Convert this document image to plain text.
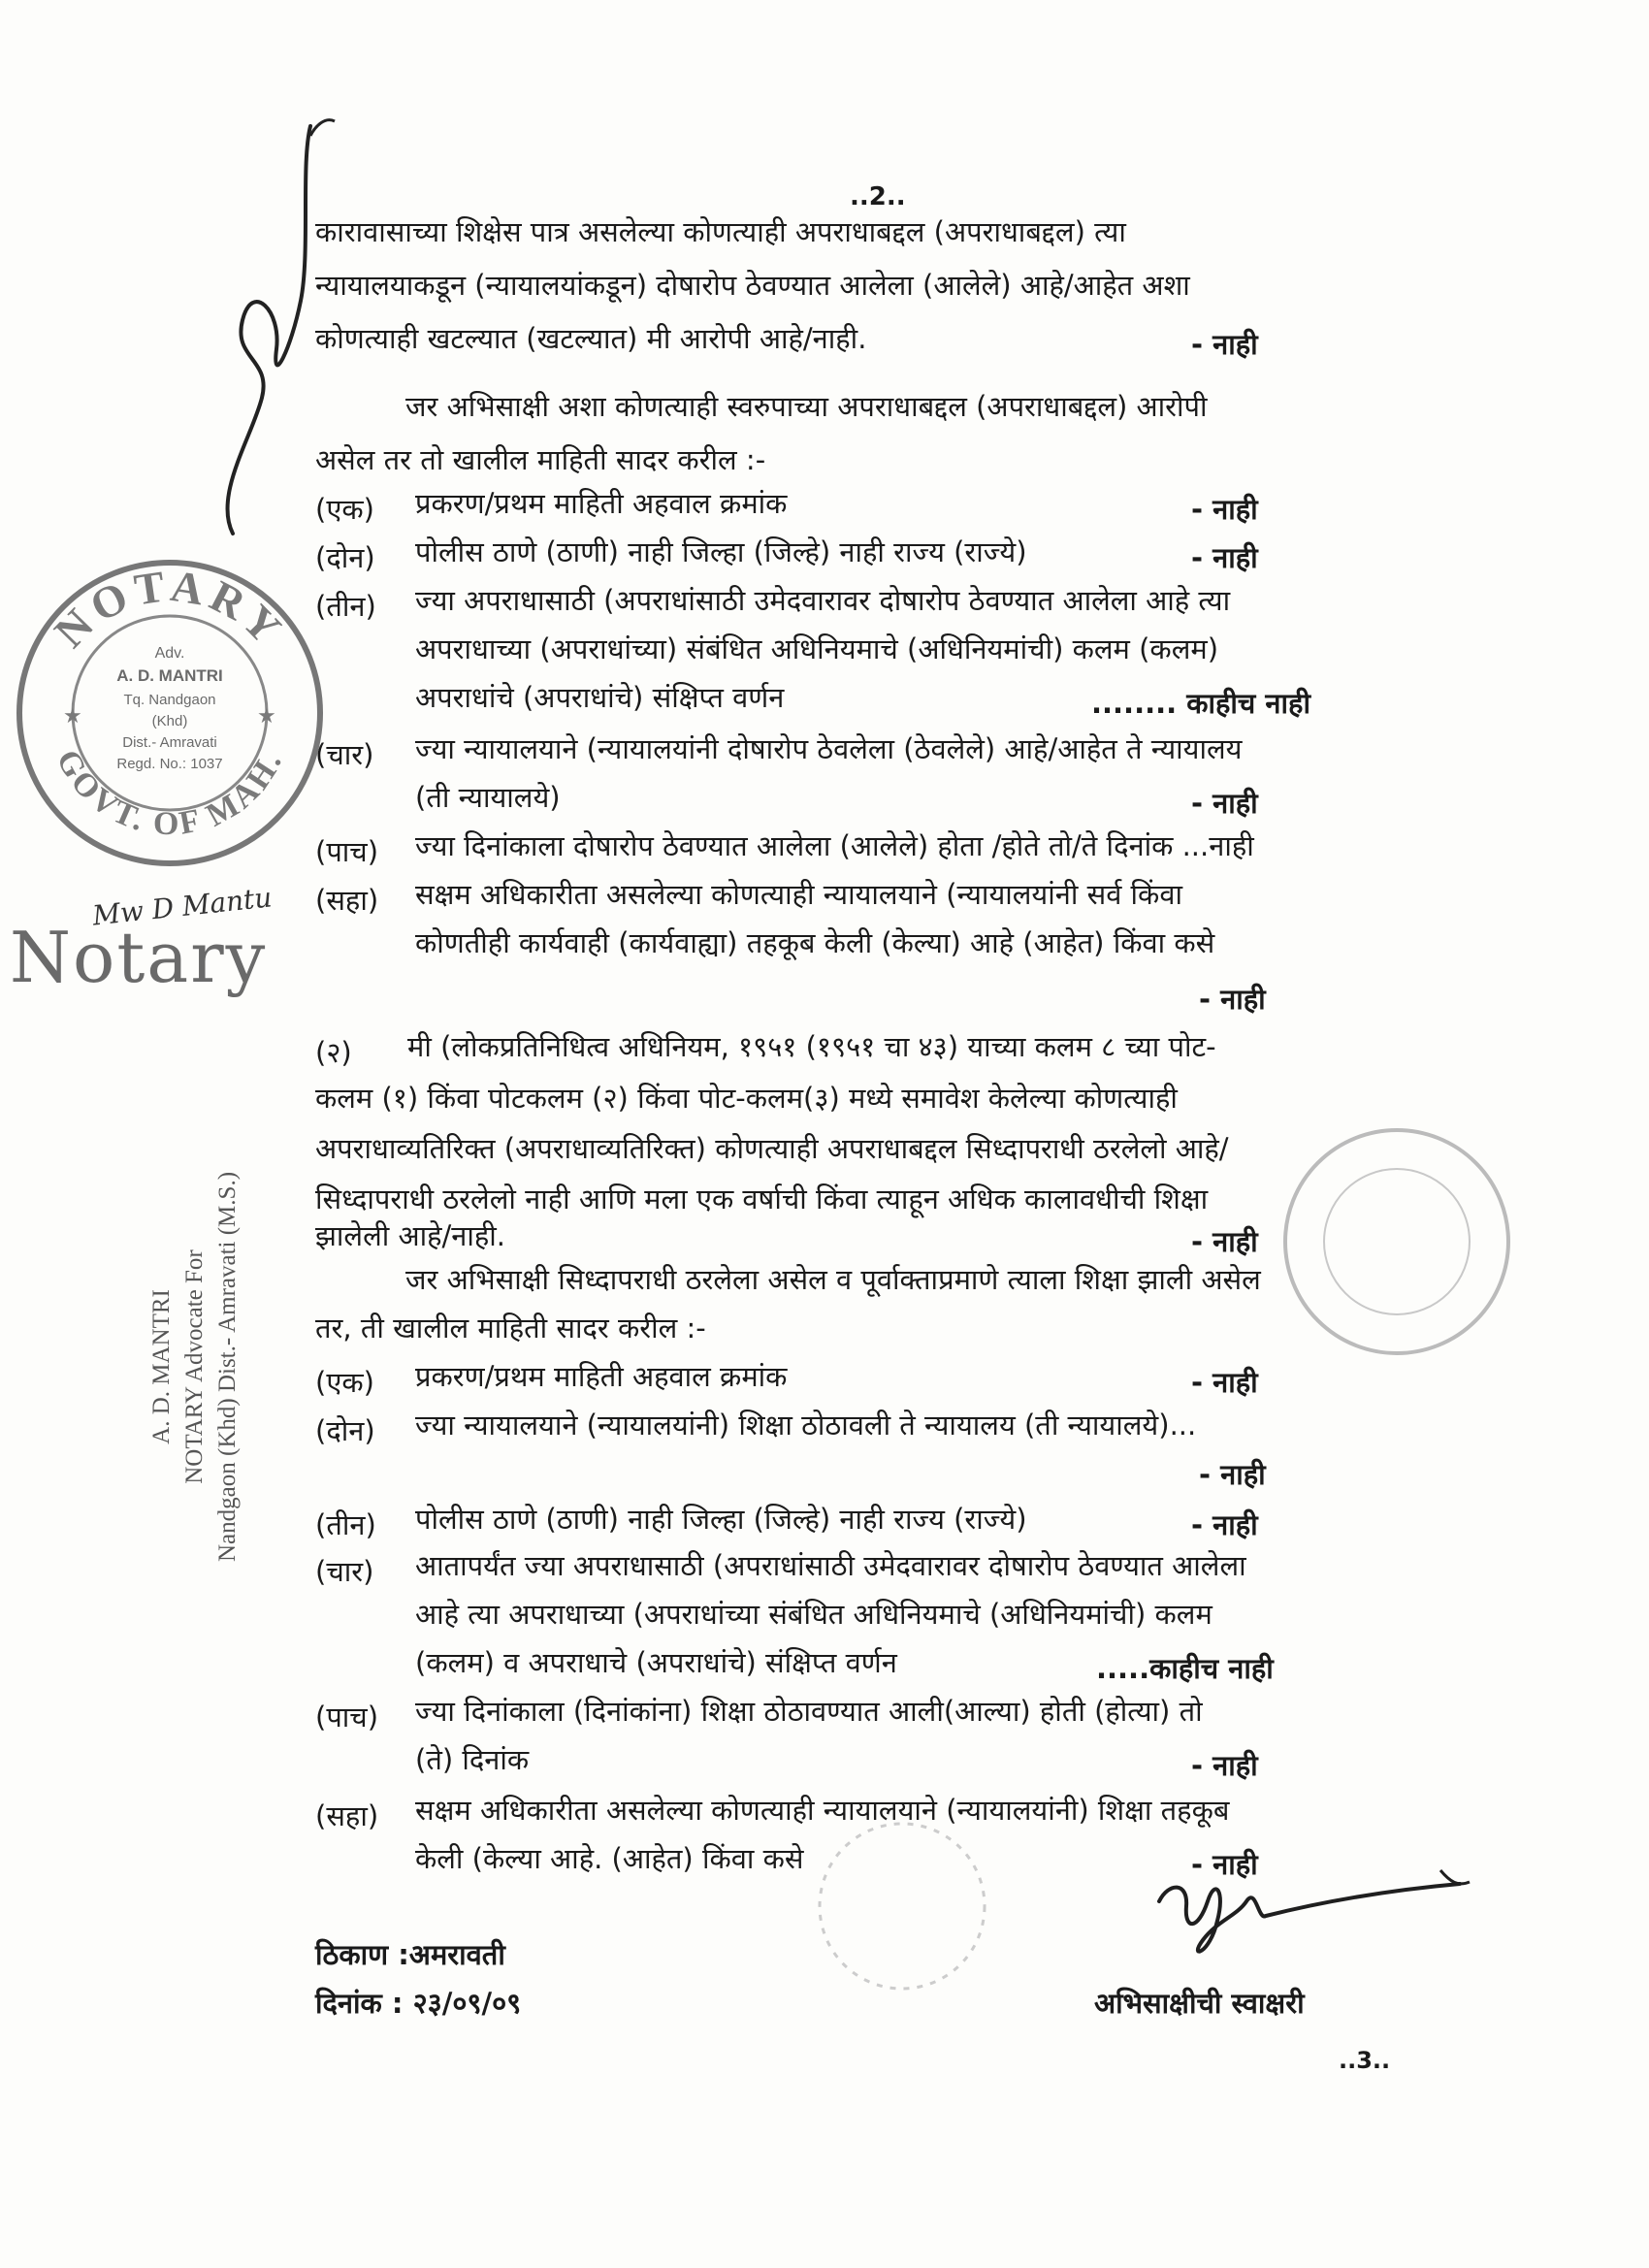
..2..
कारावासाच्या शिक्षेस पात्र असलेल्या कोणत्याही अपराधाबद्दल (अपराधाबद्दल) त्या
न्यायालयाकडून (न्यायालयांकडून) दोषारोप ठेवण्यात आलेला (आलेले) आहे/आहेत अशा
कोणत्याही खटल्यात (खटल्यात) मी आरोपी आहे/नाही.	- नाही
जर अभिसाक्षी अशा कोणत्याही स्वरुपाच्या अपराधाबद्दल (अपराधाबद्दल) आरोपी
असेल तर तो खालील माहिती सादर करील :-
(एक) प्रकरण/प्रथम माहिती अहवाल क्रमांक	- नाही
(दोन) पोलीस ठाणे (ठाणी) नाही जिल्हा (जिल्हे) नाही राज्य (राज्ये)	- नाही
(तीन) ज्या अपराधासाठी (अपराधांसाठी उमेदवारावर दोषारोप ठेवण्यात आलेला आहे त्या
अपराधाच्या (अपराधांच्या) संबंधित अधिनियमाचे (अधिनियमांची) कलम (कलम)
अपराधांचे (अपराधांचे) संक्षिप्त वर्णन	........ काहीच नाही
(चार) ज्या न्यायालयाने (न्यायालयांनी दोषारोप ठेवलेला (ठेवलेले) आहे/आहेत ते न्यायालय
(ती न्यायालये)	- नाही
(पाच) ज्या दिनांकाला दोषारोप ठेवण्यात आलेला (आलेले) होता /होते तो/ते दिनांक ...नाही
(सहा) सक्षम अधिकारीता असलेल्या कोणत्याही न्यायालयाने (न्यायालयांनी सर्व किंवा
कोणतीही कार्यवाही (कार्यवाह्या) तहकूब केली (केल्या) आहे (आहेत) किंवा कसे
- नाही
(२) मी (लोकप्रतिनिधित्व अधिनियम, १९५१ (१९५१ चा ४३) याच्या कलम ८ च्या पोट-
कलम (१) किंवा पोटकलम (२) किंवा पोट-कलम(३) मध्ये समावेश केलेल्या कोणत्याही
अपराधाव्यतिरिक्त (अपराधाव्यतिरिक्त) कोणत्याही अपराधाबद्दल सिध्दापराधी ठरलेलो आहे/
सिध्दापराधी ठरलेलो नाही आणि मला एक वर्षाची किंवा त्याहून अधिक कालावधीची शिक्षा
झालेली आहे/नाही.	- नाही
जर अभिसाक्षी सिध्दापराधी ठरलेला असेल व पूर्वाक्ताप्रमाणे त्याला शिक्षा झाली असेल
तर, ती खालील माहिती सादर करील :-
(एक) प्रकरण/प्रथम माहिती अहवाल क्रमांक	- नाही
(दोन) ज्या न्यायालयाने (न्यायालयांनी) शिक्षा ठोठावली ते न्यायालय (ती न्यायालये)...
- नाही
(तीन) पोलीस ठाणे (ठाणी) नाही जिल्हा (जिल्हे) नाही राज्य (राज्ये)	- नाही
(चार) आतापर्यंत ज्या अपराधासाठी (अपराधांसाठी उमेदवारावर दोषारोप ठेवण्यात आलेला
आहे त्या अपराधाच्या (अपराधांच्या संबंधित अधिनियमाचे (अधिनियमांची) कलम
(कलम) व अपराधाचे (अपराधांचे) संक्षिप्त वर्णन	.....काहीच नाही
(पाच) ज्या दिनांकाला (दिनांकांना) शिक्षा ठोठावण्यात आली(आल्या) होती (होत्या) तो
(ते) दिनांक	- नाही
(सहा) सक्षम अधिकारीता असलेल्या कोणत्याही न्यायालयाने (न्यायालयांनी) शिक्षा तहकूब
केली (केल्या आहे. (आहेत) किंवा कसे	- नाही
ठिकाण :अमरावती
दिनांक : २३/०९/०९	अभिसाक्षीची स्वाक्षरी
..3..
NOTARY
GOVT. OF MAH.
★	★
Adv.
A. D. MANTRI
Tq. Nandgaon
(Khd)
Dist.- Amravati
Regd. No.: 1037
Mw D Mantu
Notary
A. D. MANTRI NOTARY Advocate For Nandgaon (Khd) Dist.- Amravati (M.S.)
